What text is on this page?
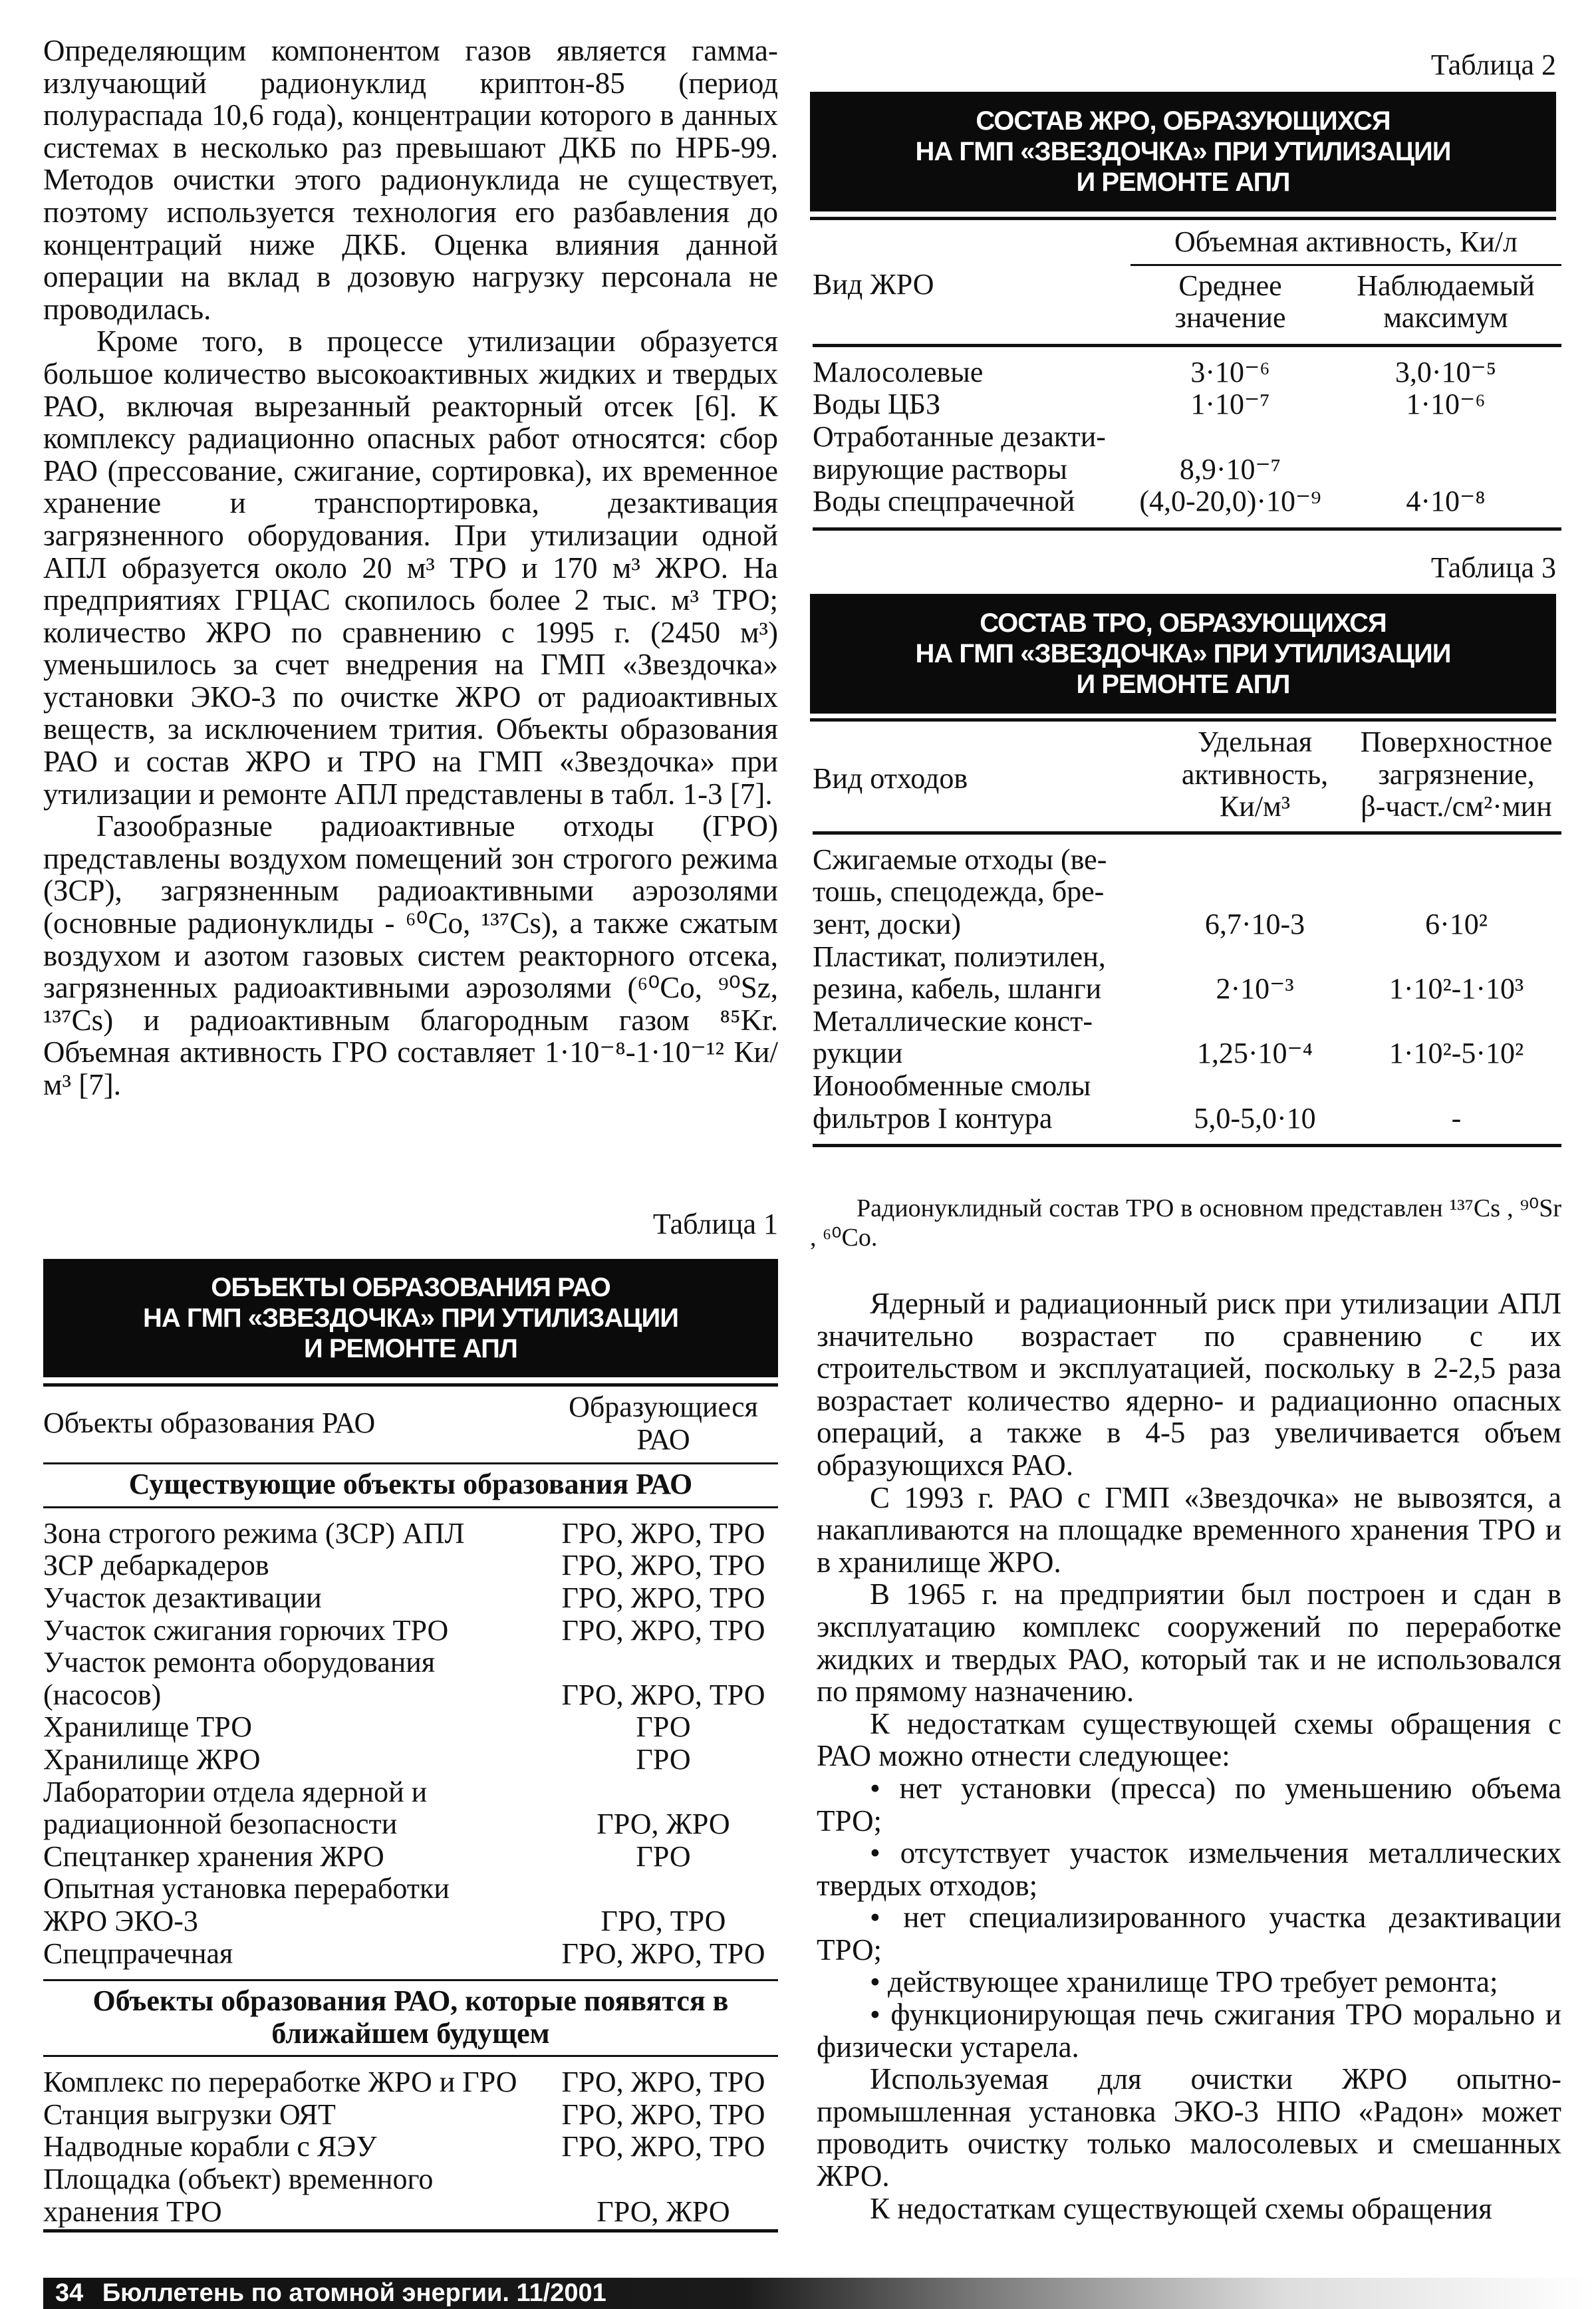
Определяющим компонентом газов является гамма-излучающий радионуклид криптон-85 (период полураспада 10,6 года), концентрации которого в данных системах в несколько раз превышают ДКБ по НРБ-99. Методов очистки этого радионуклида не существует, поэтому используется технология его разбавления до концентраций ниже ДКБ. Оценка влияния данной операции на вклад в дозовую нагрузку персонала не проводилась.

Кроме того, в процессе утилизации образуется большое количество высокоактивных жидких и твердых РАО, включая вырезанный реакторный отсек [6]. К комплексу радиационно опасных работ относятся: сбор РАО (прессование, сжигание, сортировка), их временное хранение и транспортировка, дезактивация загрязненного оборудования. При утилизации одной АПЛ образуется около 20 м³ ТРО и 170 м³ ЖРО. На предприятиях ГРЦАС скопилось более 2 тыс. м³ ТРО; количество ЖРО по сравнению с 1995 г. (2450 м³) уменьшилось за счет внедрения на ГМП «Звездочка» установки ЭКО-3 по очистке ЖРО от радиоактивных веществ, за исключением трития. Объекты образования РАО и состав ЖРО и ТРО на ГМП «Звездочка» при утилизации и ремонте АПЛ представлены в табл. 1-3 [7].

Газообразные радиоактивные отходы (ГРО) представлены воздухом помещений зон строгого режима (ЗСР), загрязненным радиоактивными аэрозолями (основные радионуклиды - ⁶⁰Co, ¹³⁷Cs), а также сжатым воздухом и азотом газовых систем реакторного отсека, загрязненных радиоактивными аэрозолями (⁶⁰Co, ⁹⁰Sz, ¹³⁷Cs) и радиоактивным благородным газом ⁸⁵Kr. Объемная активность ГРО составляет 1·10⁻⁸-1·10⁻¹² Ки/м³ [7].

Таблица 1
ОБЪЕКТЫ ОБРАЗОВАНИЯ РАО
НА ГМП «ЗВЕЗДОЧКА» ПРИ УТИЛИЗАЦИИ
И РЕМОНТЕ АПЛ
Объекты образования РАО	Образующиеся
РАО
Существующие объекты образования РАО	
Зона строгого режима (ЗСР) АПЛ	ГРО, ЖРО, ТРО
ЗСР дебаркадеров	ГРО, ЖРО, ТРО
Участок дезактивации	ГРО, ЖРО, ТРО
Участок сжигания горючих ТРО	ГРО, ЖРО, ТРО
Участок ремонта оборудования
(насосов)	ГРО, ЖРО, ТРО
Хранилище ТРО	ГРО
Хранилище ЖРО	ГРО
Лаборатории отдела ядерной и
радиационной безопасности	ГРО, ЖРО
Спецтанкер хранения ЖРО	ГРО
Опытная установка переработки
ЖРО ЭКО-3	ГРО, ТРО
Спецпрачечная	ГРО, ЖРО, ТРО
Объекты образования РАО, которые появятся в
ближайшем будущем	
Комплекс по переработке ЖРО и ГРО	ГРО, ЖРО, ТРО
Станция выгрузки ОЯТ	ГРО, ЖРО, ТРО
Надводные корабли с ЯЭУ	ГРО, ЖРО, ТРО
Площадка (объект) временного
хранения ТРО	ГРО, ЖРО
Таблица 2
СОСТАВ ЖРО, ОБРАЗУЮЩИХСЯ
НА ГМП «ЗВЕЗДОЧКА» ПРИ УТИЛИЗАЦИИ
И РЕМОНТЕ АПЛ
Вид ЖРО	Объемная активность, Ки/л	
	Среднее
значение	Наблюдаемый
максимум
Малосолевые	3·10⁻⁶	3,0·10⁻⁵
Воды ЦБЗ	1·10⁻⁷	1·10⁻⁶
Отработанные дезакти-
вирующие растворы	8,9·10⁻⁷	
Воды спецпрачечной	(4,0-20,0)·10⁻⁹	4·10⁻⁸
Таблица 3
СОСТАВ ТРО, ОБРАЗУЮЩИХСЯ
НА ГМП «ЗВЕЗДОЧКА» ПРИ УТИЛИЗАЦИИ
И РЕМОНТЕ АПЛ
Вид отходов	Удельная
активность,
Ки/м³	Поверхностное
загрязнение,
β-част./см²·мин
Сжигаемые отходы (ве-
тошь, спецодежда, бре-
зент, доски)	6,7·10-3	6·10²
Пластикат, полиэтилен,
резина, кабель, шланги	2·10⁻³	1·10²-1·10³
Металлические конст-
рукции	1,25·10⁻⁴	1·10²-5·10²
Ионообменные смолы
фильтров I контура	5,0-5,0·10	-
Радионуклидный состав ТРО в основном представлен ¹³⁷Cs , ⁹⁰Sr , ⁶⁰Co.

Ядерный и радиационный риск при утилизации АПЛ значительно возрастает по сравнению с их строительством и эксплуатацией, поскольку в 2-2,5 раза возрастает количество ядерно- и радиационно опасных операций, а также в 4-5 раз увеличивается объем образующихся РАО.

С 1993 г. РАО с ГМП «Звездочка» не вывозятся, а накапливаются на площадке временного хранения ТРО и в хранилище ЖРО.

В 1965 г. на предприятии был построен и сдан в эксплуатацию комплекс сооружений по переработке жидких и твердых РАО, который так и не использовался по прямому назначению.

К недостаткам существующей схемы обращения с РАО можно отнести следующее:

• нет установки (пресса) по уменьшению объема ТРО;

• отсутствует участок измельчения металлических твердых отходов;

• нет специализированного участка дезактивации ТРО;

• действующее хранилище ТРО требует ремонта;

• функционирующая печь сжигания ТРО морально и физически устарела.

Используемая для очистки ЖРО опытно-промышленная установка ЭКО-3 НПО «Радон» может проводить очистку только малосолевых и смешанных ЖРО.

К недостаткам существующей схемы обращения

34 Бюллетень по атомной энергии. 11/2001
